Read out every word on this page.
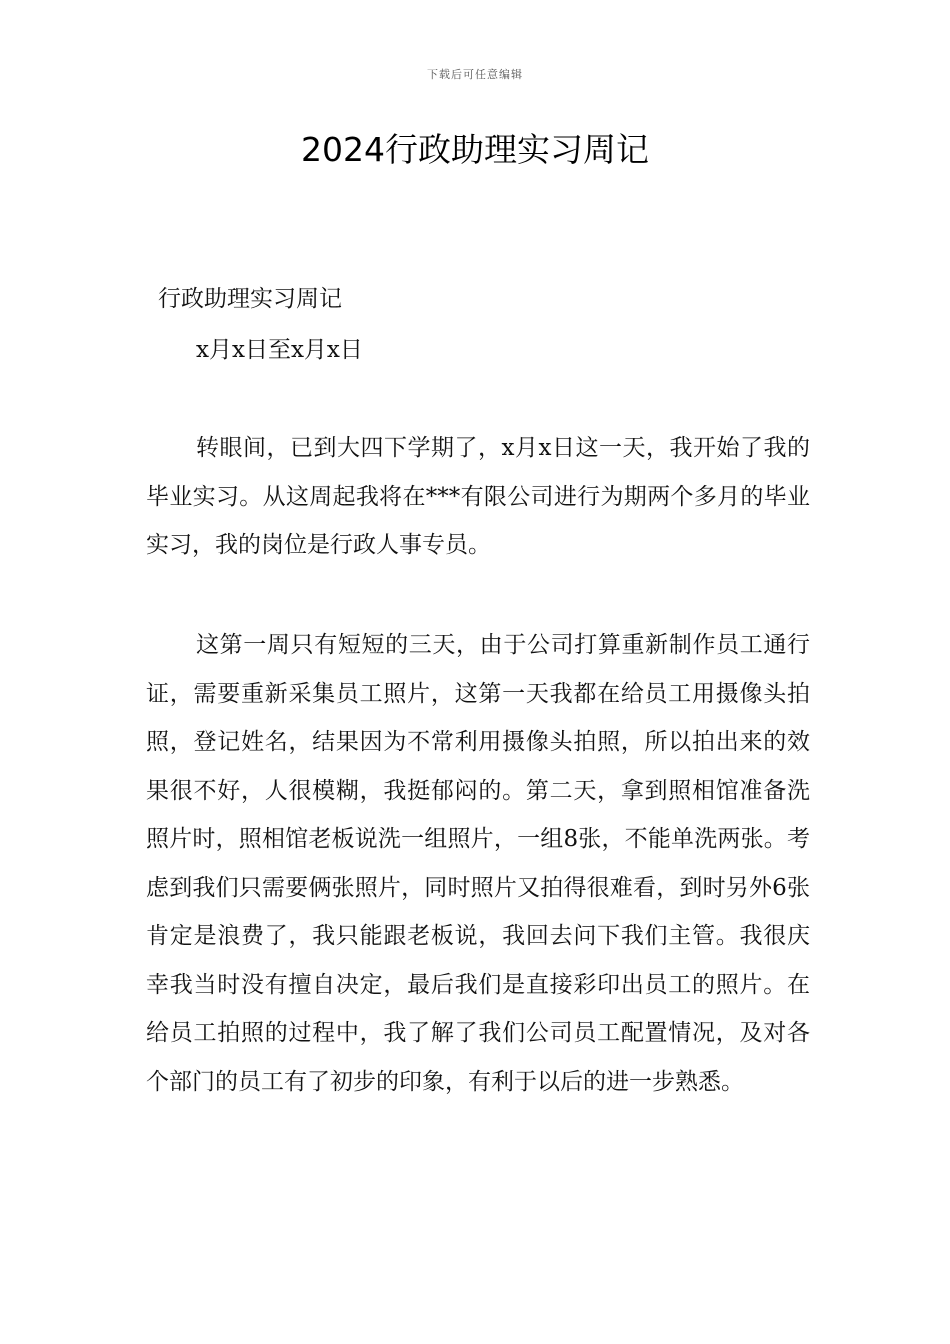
下载后可任意编辑
2024行政助理实习周记

行政助理实习周记

x月x日至x月x日

转眼间，已到大四下学期了，x月x日这一天，我开始了我的毕业实习。从这周起我将在***有限公司进行为期两个多月的毕业实习，我的岗位是行政人事专员。

这第一周只有短短的三天，由于公司打算重新制作员工通行证，需要重新采集员工照片，这第一天我都在给员工用摄像头拍照，登记姓名，结果因为不常利用摄像头拍照，所以拍出来的效果很不好，人很模糊，我挺郁闷的。第二天，拿到照相馆准备洗照片时，照相馆老板说洗一组照片，一组8张，不能单洗两张。考虑到我们只需要俩张照片，同时照片又拍得很难看，到时另外6张肯定是浪费了，我只能跟老板说，我回去问下我们主管。我很庆幸我当时没有擅自决定，最后我们是直接彩印出员工的照片。在给员工拍照的过程中，我了解了我们公司员工配置情况，及对各个部门的员工有了初步的印象，有利于以后的进一步熟悉。
